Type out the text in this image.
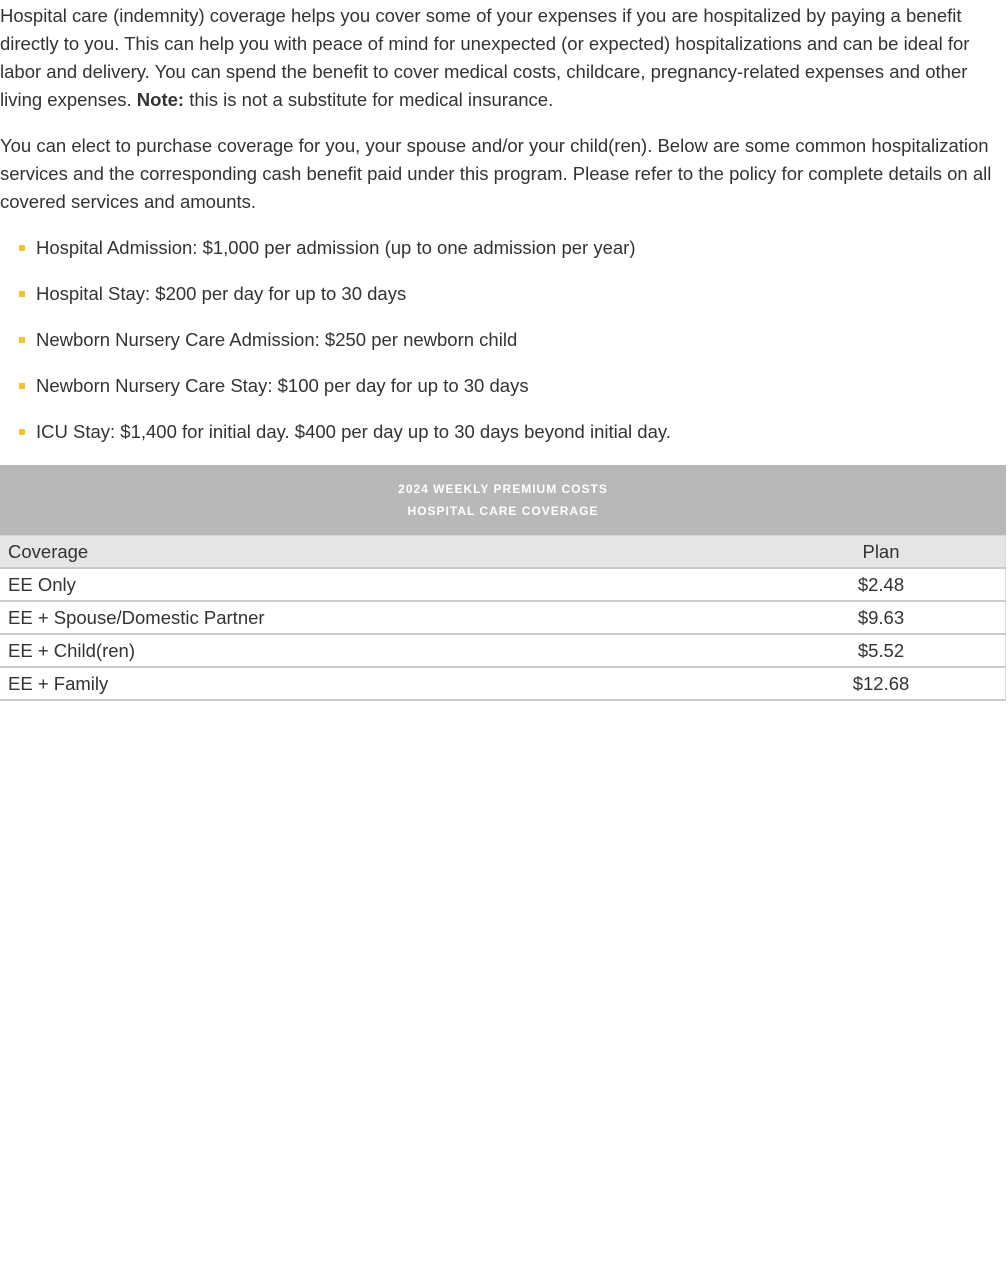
Hospital care (indemnity) coverage helps you cover some of your expenses if you are hospitalized by paying a benefit directly to you. This can help you with peace of mind for unexpected (or expected) hospitalizations and can be ideal for labor and delivery. You can spend the benefit to cover medical costs, childcare, pregnancy-related expenses and other living expenses. Note: this is not a substitute for medical insurance.

You can elect to purchase coverage for you, your spouse and/or your child(ren). Below are some common hospitalization services and the corresponding cash benefit paid under this program. Please refer to the policy for complete details on all covered services and amounts.

Hospital Admission: $1,000 per admission (up to one admission per year)
Hospital Stay: $200 per day for up to 30 days
Newborn Nursery Care Admission: $250 per newborn child
Newborn Nursery Care Stay: $100 per day for up to 30 days
ICU Stay: $1,400 for initial day. $400 per day up to 30 days beyond initial day.
2024 WEEKLY PREMIUM COSTS
HOSPITAL CARE COVERAGE
Coverage	Plan
EE Only	$2.48
EE + Spouse/Domestic Partner	$9.63
EE + Child(ren)	$5.52
EE + Family	$12.68
